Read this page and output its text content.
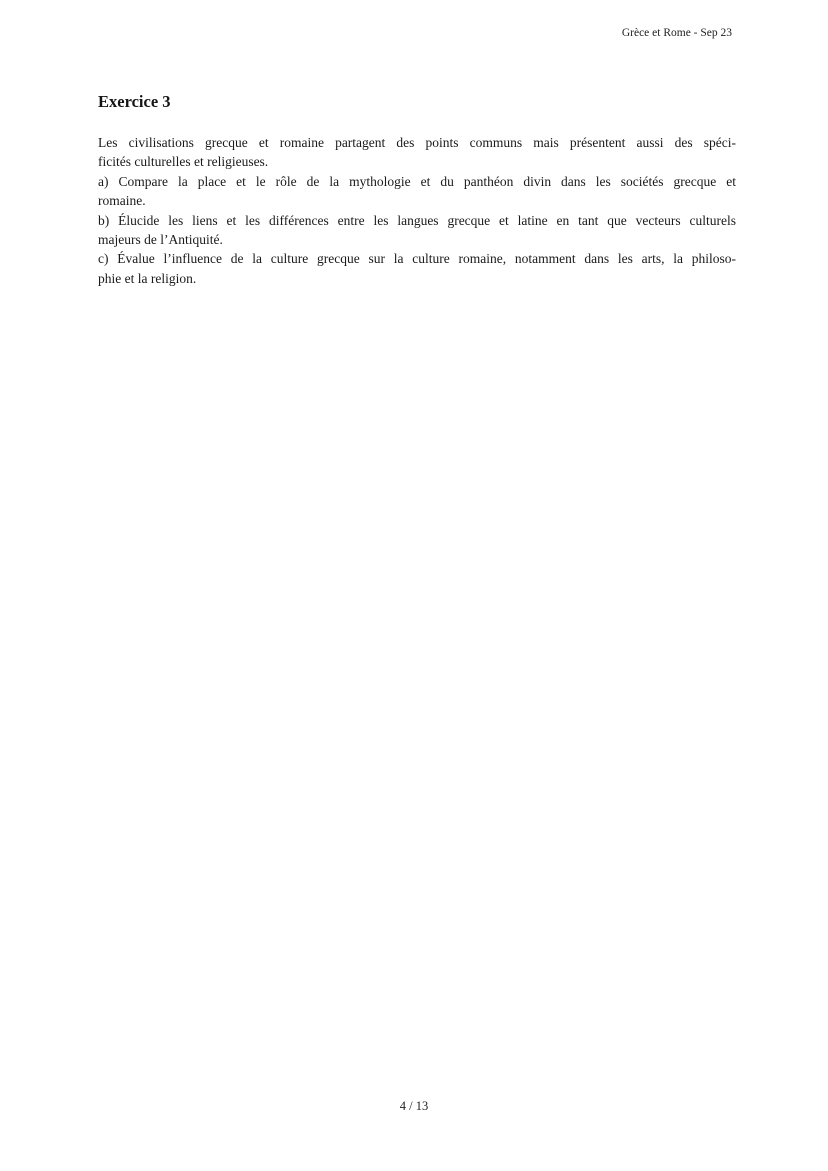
Grèce et Rome - Sep 23
Exercice 3
Les civilisations grecque et romaine partagent des points communs mais présentent aussi des spéci-
ficités culturelles et religieuses.
a) Compare la place et le rôle de la mythologie et du panthéon divin dans les sociétés grecque et
romaine.
b) Élucide les liens et les différences entre les langues grecque et latine en tant que vecteurs culturels
majeurs de l’Antiquité.
c) Évalue l’influence de la culture grecque sur la culture romaine, notamment dans les arts, la philoso-
phie et la religion.
4 / 13
